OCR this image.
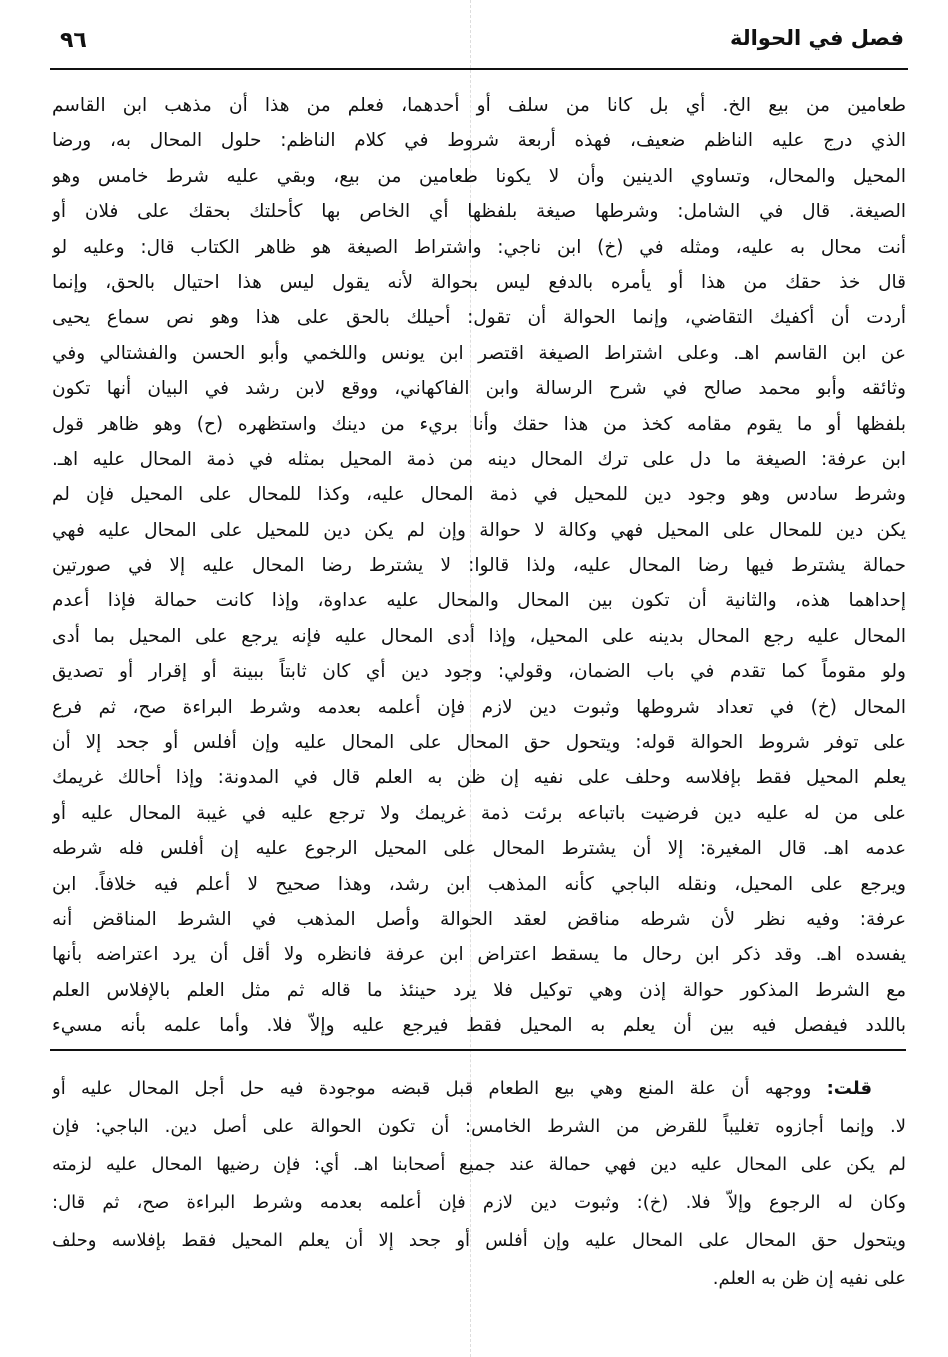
٩٦	فصل في الحوالة
طعامين من بيع الخ. أي بل كانا من سلف أو أحدهما، فعلم من هذا أن مذهب ابن القاسم
الذي درج عليه الناظم ضعيف، فهذه أربعة شروط في كلام الناظم: حلول المحال به، ورضا
المحيل والمحال، وتساوي الدينين وأن لا يكونا طعامين من بيع، وبقي عليه شرط خامس وهو
الصيغة. قال في الشامل: وشرطها صيغة بلفظها أي الخاص بها كأحلتك بحقك على فلان أو
أنت محال به عليه، ومثله في (خ) ابن ناجي: واشتراط الصيغة هو ظاهر الكتاب قال: وعليه لو
قال خذ حقك من هذا أو يأمره بالدفع ليس بحوالة لأنه يقول ليس هذا احتيال بالحق، وإنما
أردت أن أكفيك التقاضي، وإنما الحوالة أن تقول: أحيلك بالحق على هذا وهو نص سماع يحيى
عن ابن القاسم اهـ. وعلى اشتراط الصيغة اقتصر ابن يونس واللخمي وأبو الحسن والفشتالي وفي
وثائقه وأبو محمد صالح في شرح الرسالة وابن الفاكهاني، ووقع لابن رشد في البيان أنها تكون
بلفظها أو ما يقوم مقامه كخذ من هذا حقك وأنا بريء من دينك واستظهره (ح) وهو ظاهر قول
ابن عرفة: الصيغة ما دل على ترك المحال دينه من ذمة المحيل بمثله في ذمة المحال عليه اهـ.
وشرط سادس وهو وجود دين للمحيل في ذمة المحال عليه، وكذا للمحال على المحيل فإن لم
يكن دين للمحال على المحيل فهي وكالة لا حوالة وإن لم يكن دين للمحيل على المحال عليه فهي
حمالة يشترط فيها رضا المحال عليه، ولذا قالوا: لا يشترط رضا المحال عليه إلا في صورتين
إحداهما هذه، والثانية أن تكون بين المحال والمحال عليه عداوة، وإذا كانت حمالة فإذا أعدم
المحال عليه رجع المحال بدينه على المحيل، وإذا أدى المحال عليه فإنه يرجع على المحيل بما أدى
ولو مقوماً كما تقدم في باب الضمان، وقولي: وجود دين أي كان ثابتاً ببينة أو إقرار أو تصديق
المحال (خ) في تعداد شروطها وثبوت دين لازم فإن أعلمه بعدمه وشرط البراءة صح، ثم فرع
على توفر شروط الحوالة قوله: ويتحول حق المحال على المحال عليه وإن أفلس أو جحد إلا أن
يعلم المحيل فقط بإفلاسه وحلف على نفيه إن ظن به العلم قال في المدونة: وإذا أحالك غريمك
على من له عليه دين فرضيت باتباعه برئت ذمة غريمك ولا ترجع عليه في غيبة المحال عليه أو
عدمه اهـ. قال المغيرة: إلا أن يشترط المحال على المحيل الرجوع عليه إن أفلس فله شرطه
ويرجع على المحيل، ونقله الباجي كأنه المذهب ابن رشد، وهذا صحيح لا أعلم فيه خلافاً. ابن
عرفة: وفيه نظر لأن شرطه مناقض لعقد الحوالة وأصل المذهب في الشرط المناقض أنه
يفسده اهـ. وقد ذكر ابن رحال ما يسقط اعتراض ابن عرفة فانظره ولا أقل أن يرد اعتراضه بأنها
مع الشرط المذكور حوالة إذن وهي توكيل فلا يرد حينئذ ما قاله ثم مثل العلم بالإفلاس العلم
باللدد فيفصل فيه بين أن يعلم به المحيل فقط فيرجع عليه وإلاّ فلا. وأما علمه بأنه مسيء
قلت: ووجهه أن علة المنع وهي بيع الطعام قبل قبضه موجودة فيه حل أجل المحال عليه أو
لا. وإنما أجازوه تغليباً للقرض من الشرط الخامس: أن تكون الحوالة على أصل دين. الباجي: فإن
لم يكن على المحال عليه دين فهي حمالة عند جميع أصحابنا اهـ. أي: فإن رضيها المحال عليه لزمته
وكان له الرجوع وإلاّ فلا. (خ): وثبوت دين لازم فإن أعلمه بعدمه وشرط البراءة صح، ثم قال:
ويتحول حق المحال على المحال عليه وإن أفلس أو جحد إلا أن يعلم المحيل فقط بإفلاسه وحلف
على نفيه إن ظن به العلم.
